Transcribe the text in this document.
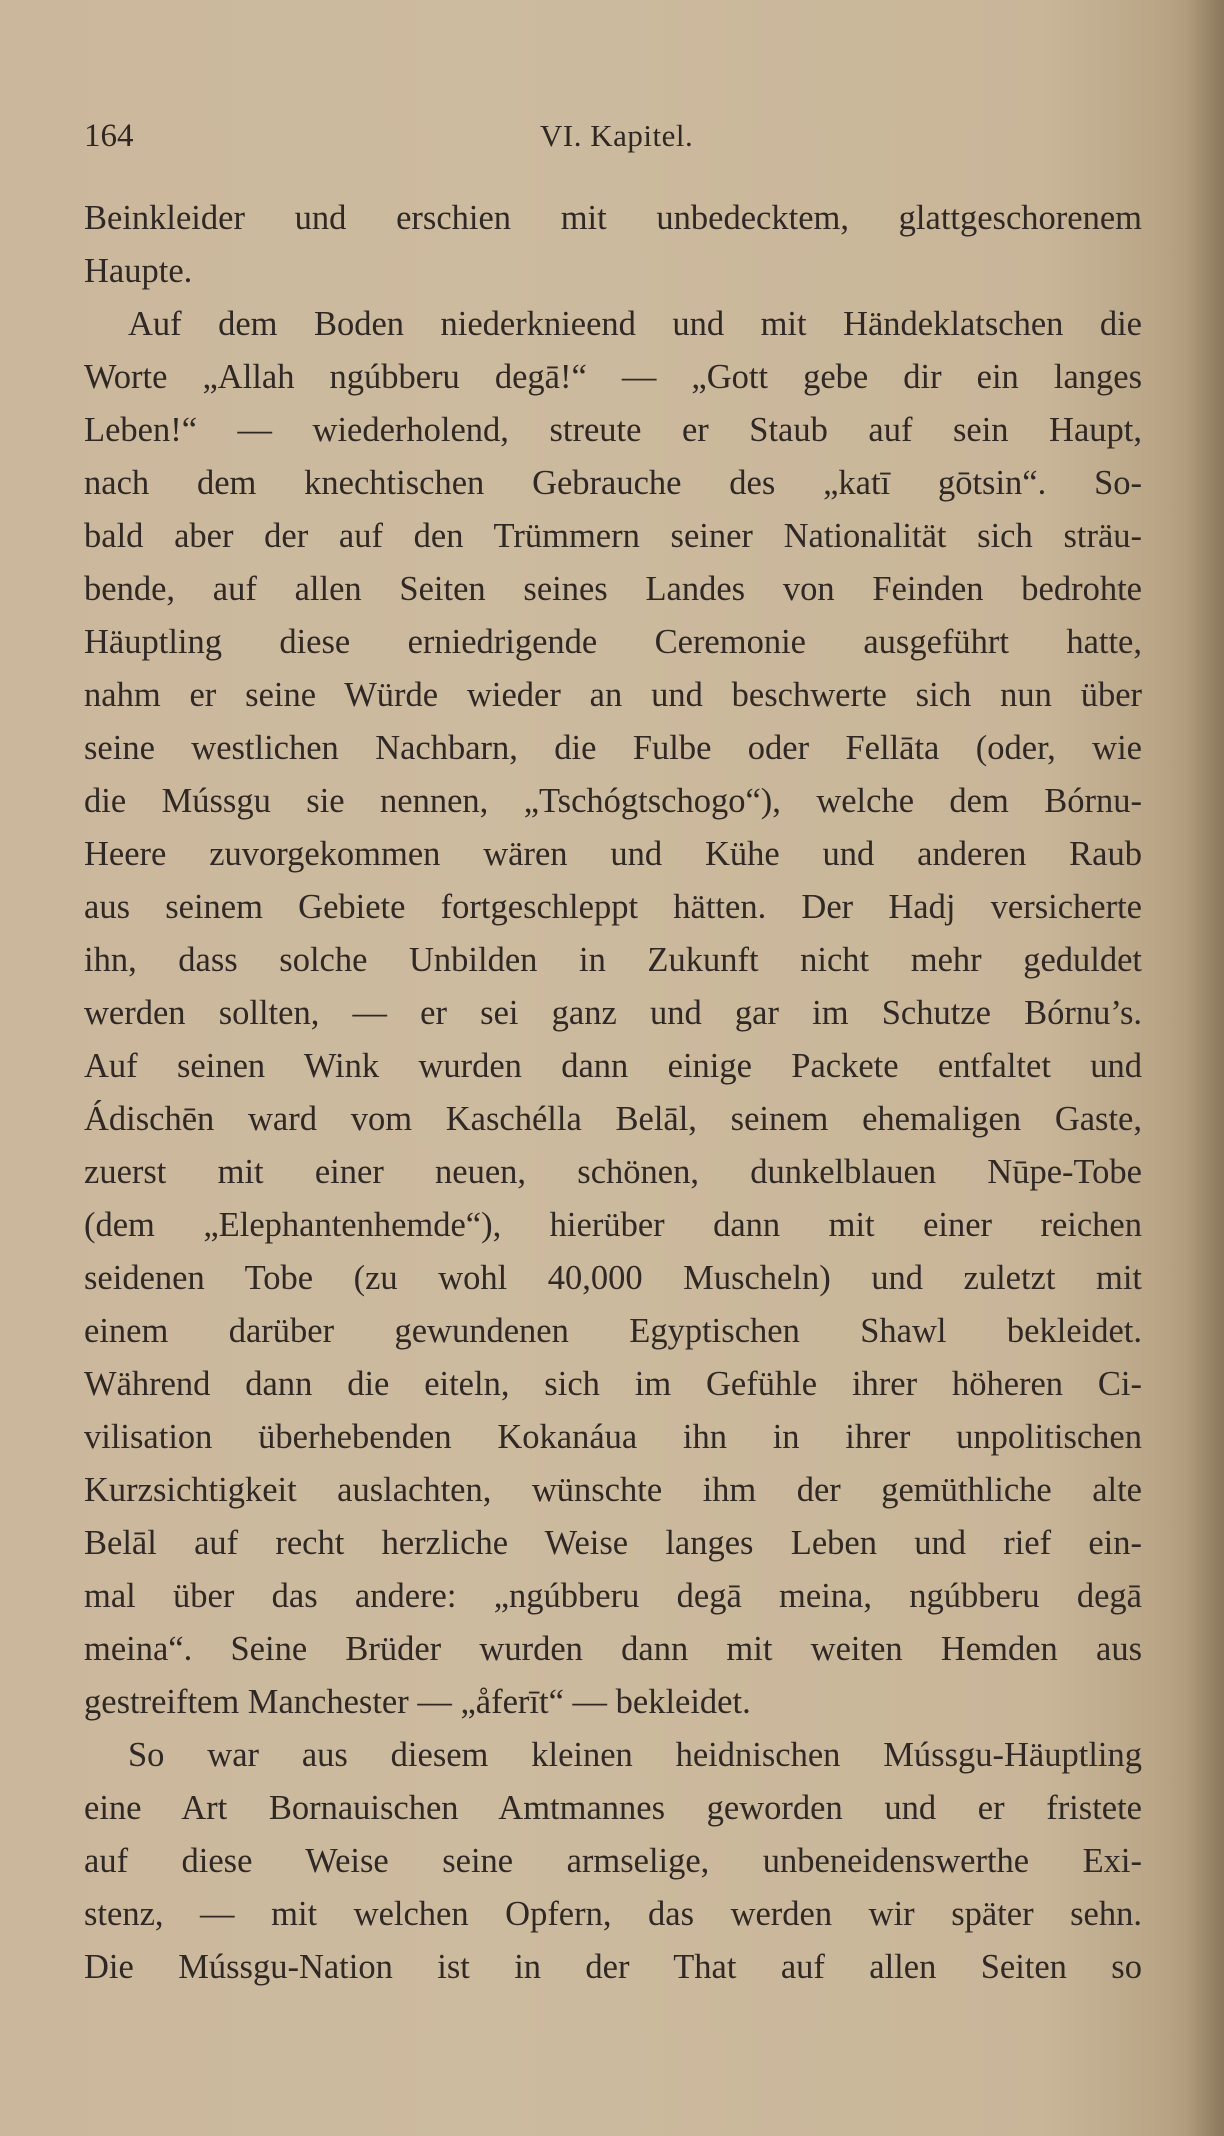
164	VI. Kapitel.
Beinkleider und erschien mit unbedecktem, glattgeschorenem
Haupte.
Auf dem Boden niederknieend und mit Händeklatschen die
Worte „Allah ngúbberu degā!“ — „Gott gebe dir ein langes
Leben!“ — wiederholend, streute er Staub auf sein Haupt,
nach dem knechtischen Gebrauche des „katī gōtsin“. So-
bald aber der auf den Trümmern seiner Nationalität sich sträu-
bende, auf allen Seiten seines Landes von Feinden bedrohte
Häuptling diese erniedrigende Ceremonie ausgeführt hatte,
nahm er seine Würde wieder an und beschwerte sich nun über
seine westlichen Nachbarn, die Fulbe oder Fellāta (oder, wie
die Mússgu sie nennen, „Tschógtschogo“), welche dem Bórnu-
Heere zuvorgekommen wären und Kühe und anderen Raub
aus seinem Gebiete fortgeschleppt hätten. Der Hadj versicherte
ihn, dass solche Unbilden in Zukunft nicht mehr geduldet
werden sollten, — er sei ganz und gar im Schutze Bórnu’s.
Auf seinen Wink wurden dann einige Packete entfaltet und
Ádischēn ward vom Kaschélla Belāl, seinem ehemaligen Gaste,
zuerst mit einer neuen, schönen, dunkelblauen Nūpe-Tobe
(dem „Elephantenhemde“), hierüber dann mit einer reichen
seidenen Tobe (zu wohl 40,000 Muscheln) und zuletzt mit
einem darüber gewundenen Egyptischen Shawl bekleidet.
Während dann die eiteln, sich im Gefühle ihrer höheren Ci-
vilisation überhebenden Kokanáua ihn in ihrer unpolitischen
Kurzsichtigkeit auslachten, wünschte ihm der gemüthliche alte
Belāl auf recht herzliche Weise langes Leben und rief ein-
mal über das andere: „ngúbberu degā meina, ngúbberu degā
meina“. Seine Brüder wurden dann mit weiten Hemden aus
gestreiftem Manchester — „åferīt“ — bekleidet.
So war aus diesem kleinen heidnischen Mússgu-Häuptling
eine Art Bornauischen Amtmannes geworden und er fristete
auf diese Weise seine armselige, unbeneidenswerthe Exi-
stenz, — mit welchen Opfern, das werden wir später sehn.
Die Mússgu-Nation ist in der That auf allen Seiten so
